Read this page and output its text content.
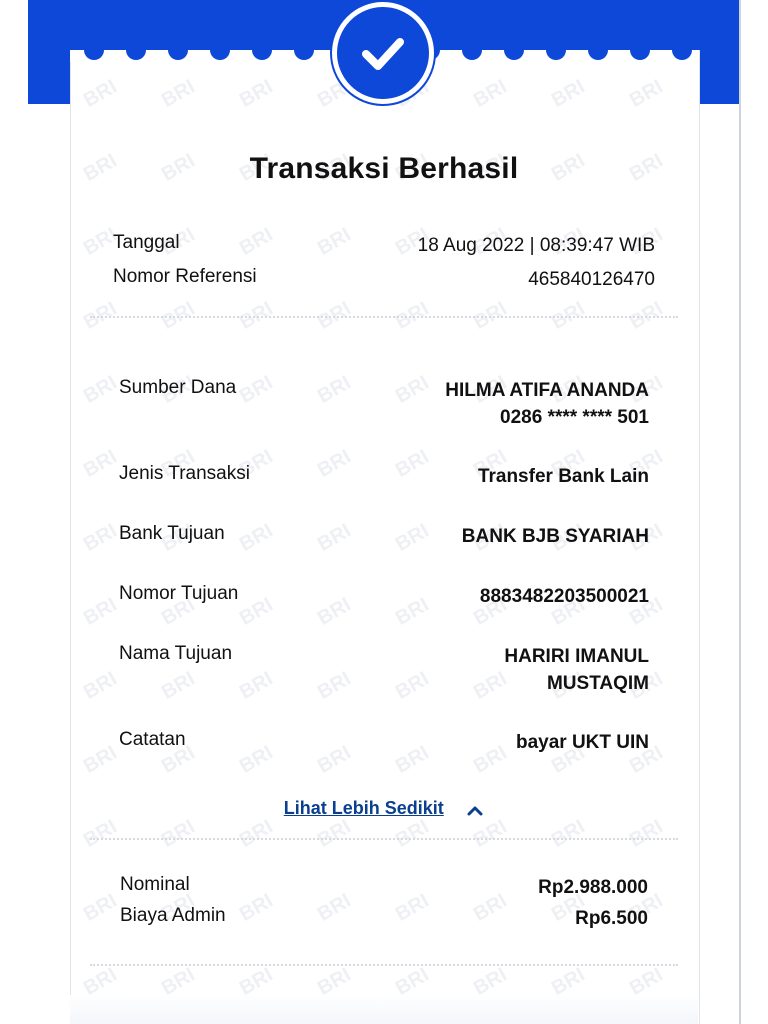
Transaksi Berhasil
Tanggal	18 Aug 2022 | 08:39:47 WIB
Nomor Referensi	465840126470
Sumber Dana	HILMA ATIFA ANANDA
0286 **** **** 501
Jenis Transaksi	Transfer Bank Lain
Bank Tujuan	BANK BJB SYARIAH
Nomor Tujuan	8883482203500021
Nama Tujuan	HARIRI IMANUL
MUSTAQIM
Catatan	bayar UKT UIN
Lihat Lebih Sedikit
Nominal	Rp2.988.000
Biaya Admin	Rp6.500
